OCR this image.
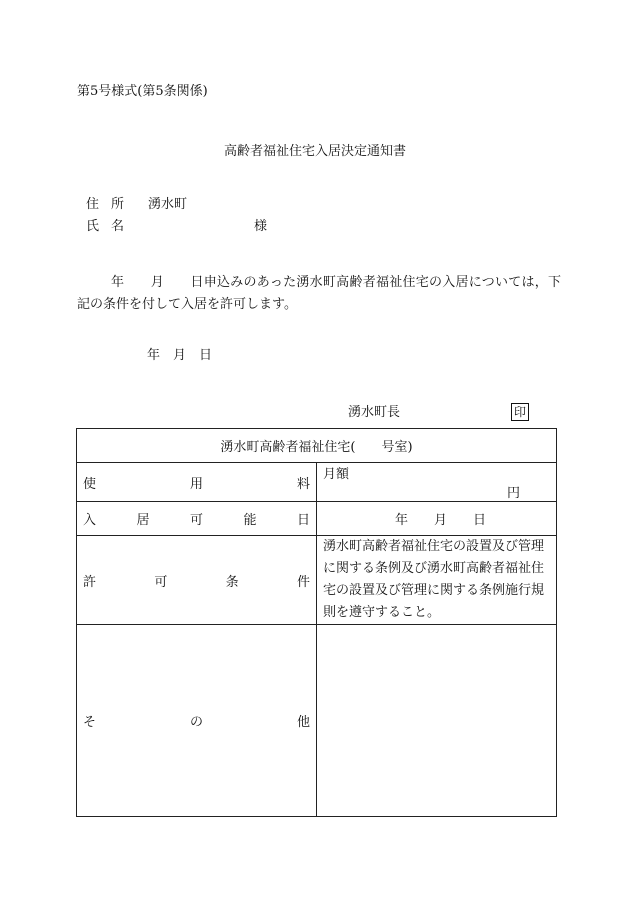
第5号様式(第5条関係)
高齢者福祉住宅入居決定通知書
住所 湧水町
氏名	様
年　　月　　日申込みのあった湧水町高齢者福祉住宅の入居については，下記の条件を付して入居を許可します。
年　月　日
湧水町長	印
湧水町高齢者福祉住宅(　　号室)	

使 用 料	月額 円

入 居 可 能 日	年　　月　　日

許 可 条 件	湧水町高齢者福祉住宅の設置及び管理に関する条例及び湧水町高齢者福祉住宅の設置及び管理に関する条例施行規則を遵守すること。

そ の 他	
